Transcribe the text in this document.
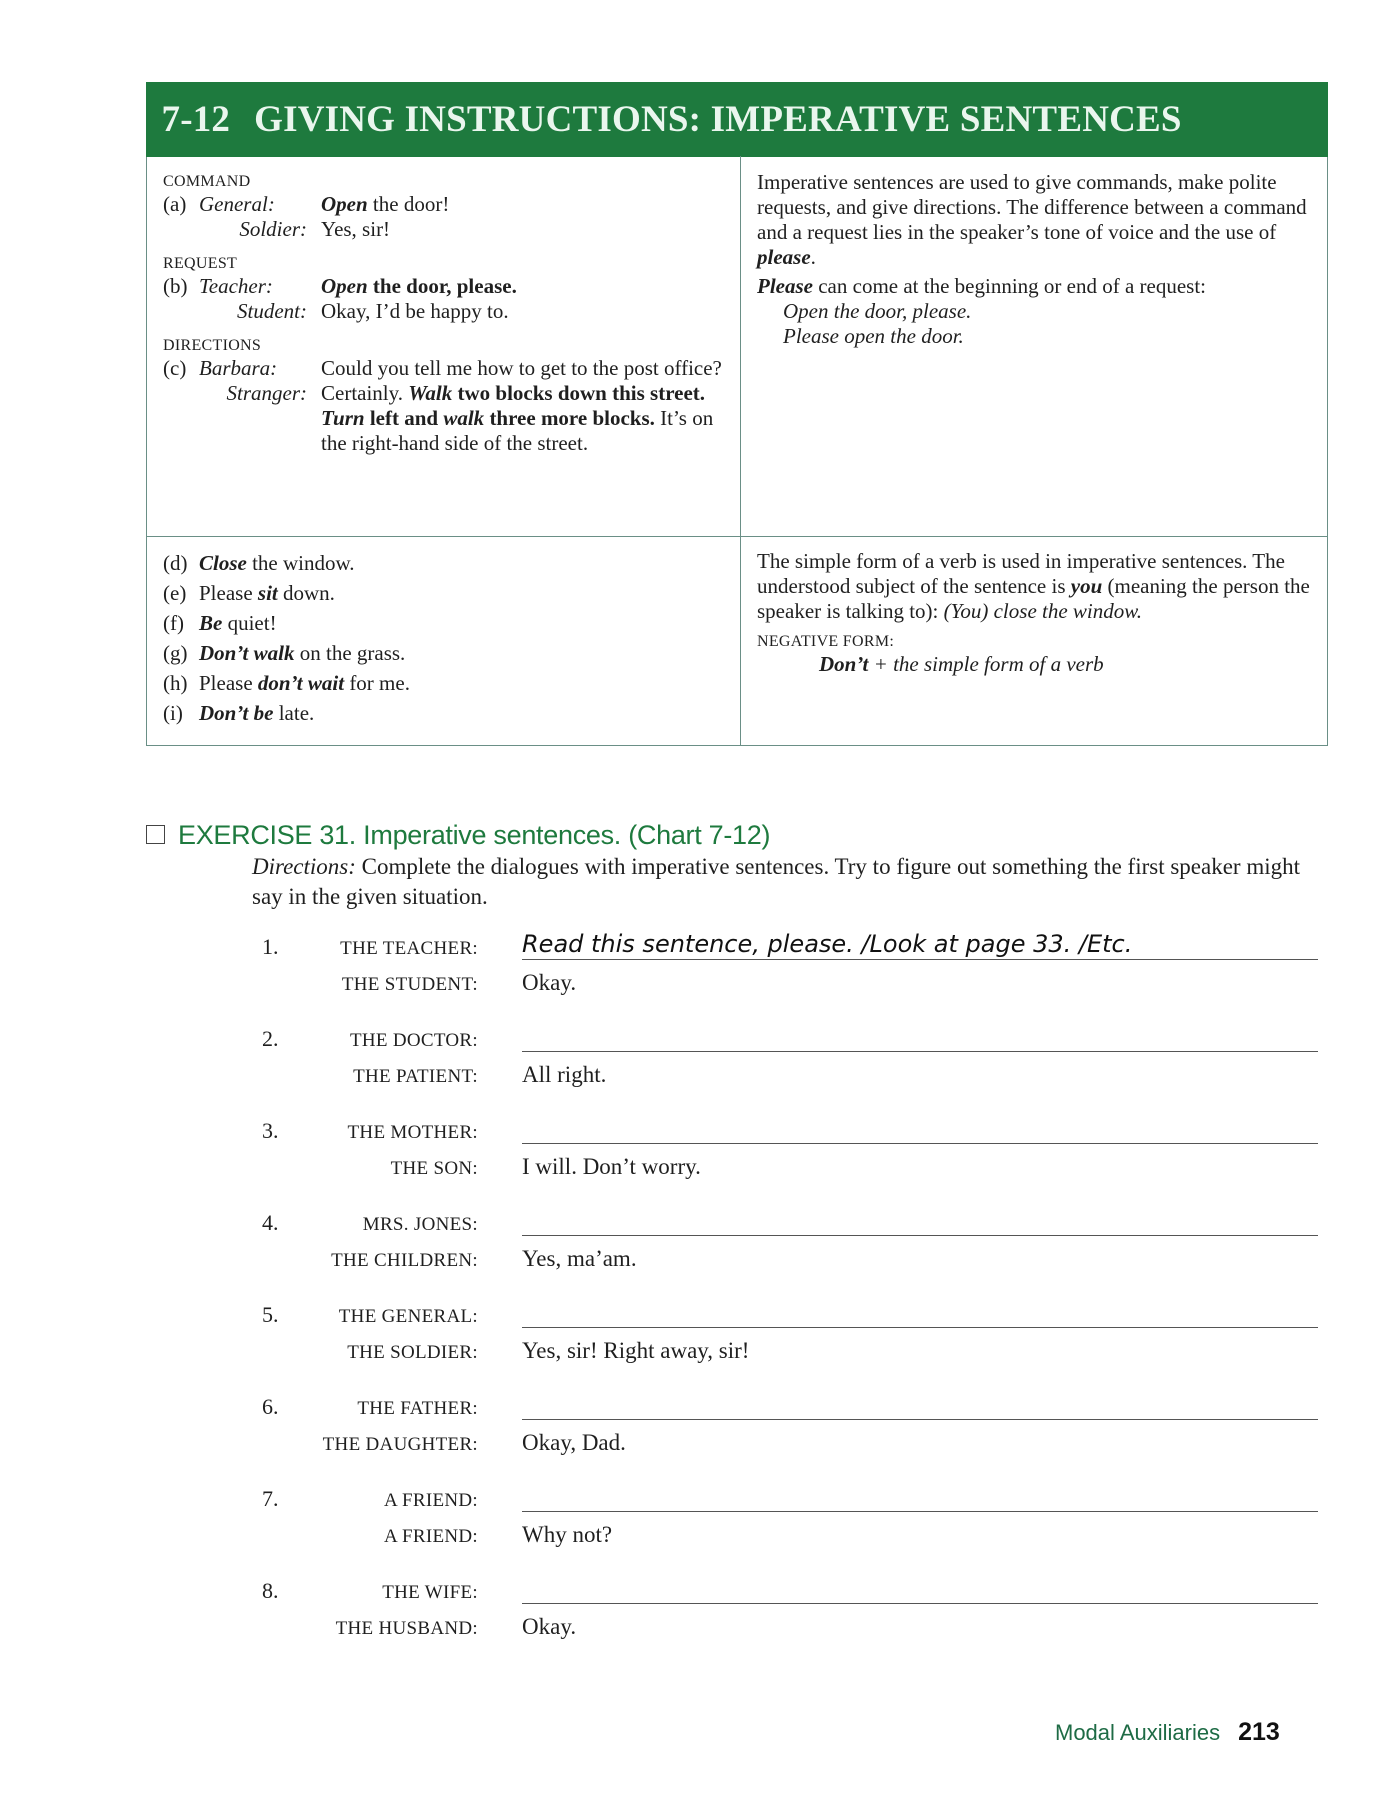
7-12 GIVING INSTRUCTIONS: IMPERATIVE SENTENCES
COMMAND
(a) General:	Open the door!
Soldier: Yes, sir!
REQUEST
(b) Teacher:	Open the door, please.
Student: Okay, I’d be happy to.
DIRECTIONS
(c) Barbara:	Could you tell me how to get to the post office?
Stranger: Certainly. Walk two blocks down this street. Turn left and walk three more blocks. It’s on the right-hand side of the street.
Imperative sentences are used to give commands, make polite requests, and give directions. The difference between a command and a request lies in the speaker’s tone of voice and the use of please.
Please can come at the beginning or end of a request:
Open the door, please.
Please open the door.
(d) Close the window.
(e) Please sit down.
(f) Be quiet!
(g) Don’t walk on the grass.
(h) Please don’t wait for me.
(i) Don’t be late.
The simple form of a verb is used in imperative sentences. The understood subject of the sentence is you (meaning the person the speaker is talking to): (You) close the window.
NEGATIVE FORM:
Don’t + the simple form of a verb
EXERCISE 31. Imperative sentences. (Chart 7-12)
Directions: Complete the dialogues with imperative sentences. Try to figure out something the first speaker might say in the given situation.
1.	THE TEACHER:	Read this sentence, please. /Look at page 33. /Etc.
THE STUDENT:	Okay.
2.	THE DOCTOR:
THE PATIENT:	All right.
3.	THE MOTHER:
THE SON:	I will. Don’t worry.
4.	MRS. JONES:
THE CHILDREN:	Yes, ma’am.
5.	THE GENERAL:
THE SOLDIER:	Yes, sir! Right away, sir!
6.	THE FATHER:
THE DAUGHTER:	Okay, Dad.
7.	A FRIEND:
A FRIEND:	Why not?
8.	THE WIFE:
THE HUSBAND:	Okay.
Modal Auxiliaries 213
